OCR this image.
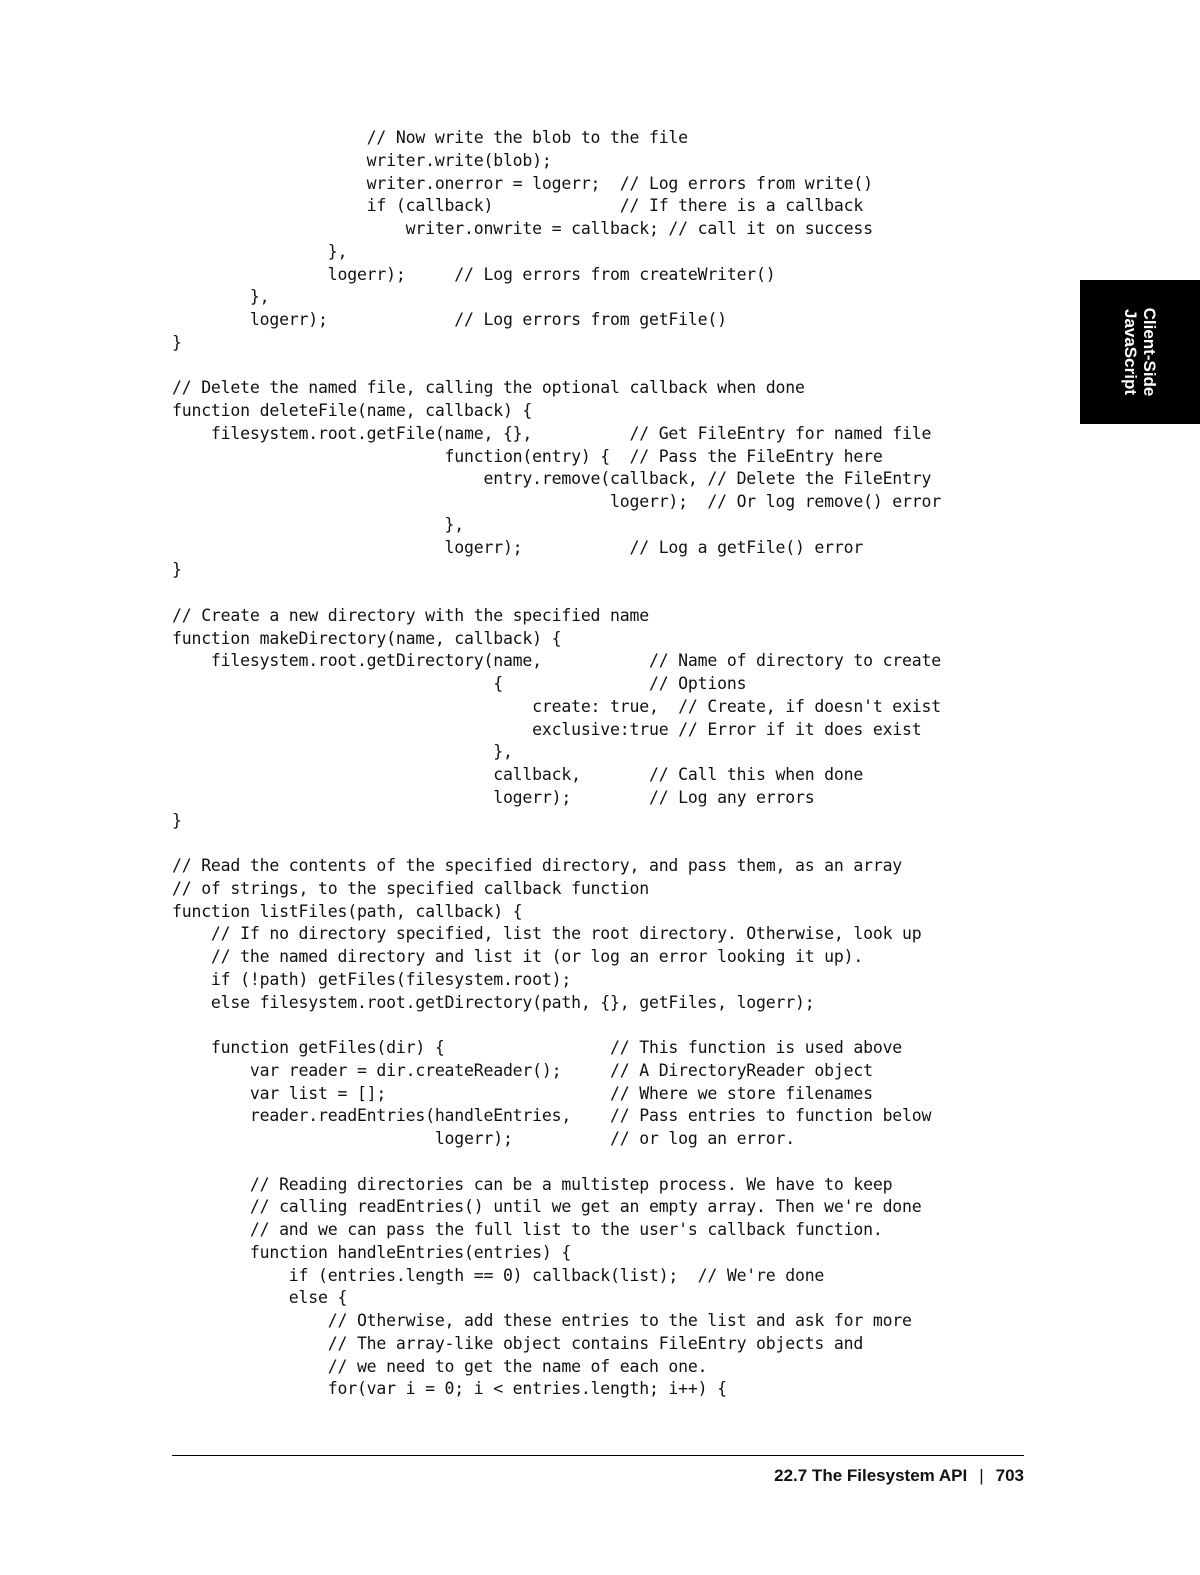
// Now write the blob to the file
writer.write(blob);
writer.onerror = logerr;  // Log errors from write()
if (callback)             // If there is a callback
writer.onwrite = callback; // call it on success
},
logerr);     // Log errors from createWriter()
},
logerr);             // Log errors from getFile()
}
// Delete the named file, calling the optional callback when done
function deleteFile(name, callback) {
filesystem.root.getFile(name, {},          // Get FileEntry for named file
function(entry) {  // Pass the FileEntry here
entry.remove(callback, // Delete the FileEntry
logerr);  // Or log remove() error
},
logerr);           // Log a getFile() error
}
// Create a new directory with the specified name
function makeDirectory(name, callback) {
filesystem.root.getDirectory(name,           // Name of directory to create
{               // Options
create: true,  // Create, if doesn't exist
exclusive:true // Error if it does exist
},
callback,       // Call this when done
logerr);        // Log any errors
}
// Read the contents of the specified directory, and pass them, as an array
// of strings, to the specified callback function
function listFiles(path, callback) {
// If no directory specified, list the root directory. Otherwise, look up
// the named directory and list it (or log an error looking it up).
if (!path) getFiles(filesystem.root);
else filesystem.root.getDirectory(path, {}, getFiles, logerr);
function getFiles(dir) {                 // This function is used above
var reader = dir.createReader();     // A DirectoryReader object
var list = [];                       // Where we store filenames
reader.readEntries(handleEntries,    // Pass entries to function below
logerr);          // or log an error.
// Reading directories can be a multistep process. We have to keep
// calling readEntries() until we get an empty array. Then we're done
// and we can pass the full list to the user's callback function.
function handleEntries(entries) {
if (entries.length == 0) callback(list);  // We're done
else {
// Otherwise, add these entries to the list and ask for more
// The array-like object contains FileEntry objects and
// we need to get the name of each one.
for(var i = 0; i < entries.length; i++) {
Client-Side
JavaScript
22.7 The Filesystem API | 703
